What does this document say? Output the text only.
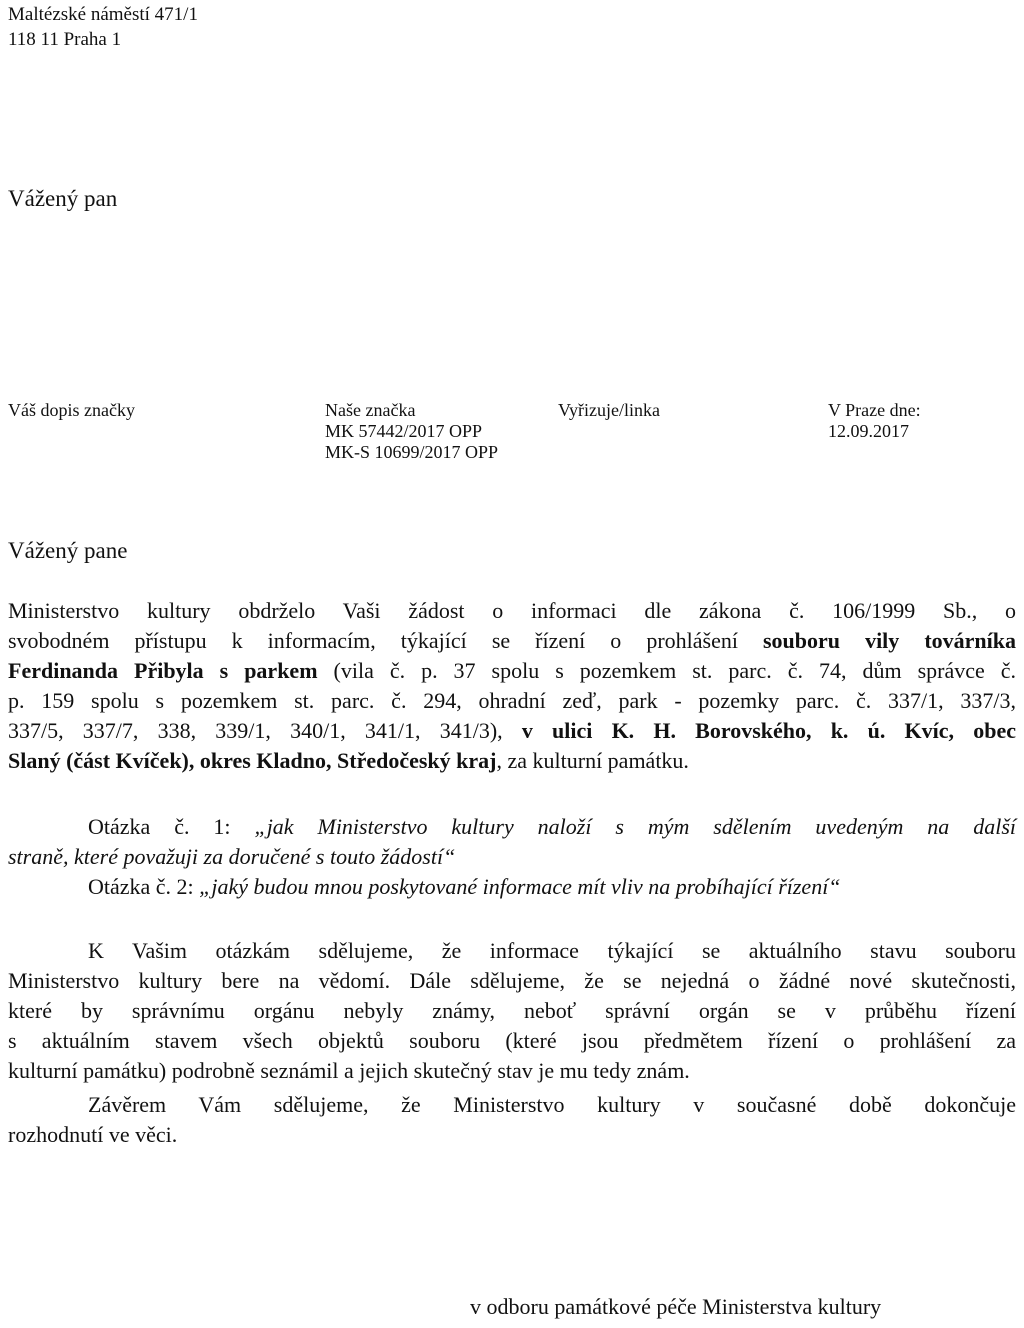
Maltézské náměstí 471/1
118 11 Praha 1
Vážený pan
Váš dopis značky	Naše značka
MK 57442/2017 OPP
MK-S 10699/2017 OPP
Vyřizuje/linka	V Praze dne:
12.09.2017
Vážený pane
Ministerstvo kultury obdrželo Vaši žádost o informaci dle zákona č. 106/1999 Sb., o
svobodném přístupu k informacím, týkající se řízení o prohlášení souboru vily továrníka
Ferdinanda Přibyla s parkem (vila č. p. 37 spolu s pozemkem st. parc. č. 74, dům správce č.
p. 159 spolu s pozemkem st. parc. č. 294, ohradní zeď, park - pozemky parc. č. 337/1, 337/3,
337/5, 337/7, 338, 339/1, 340/1, 341/1, 341/3), v ulici K. H. Borovského, k. ú. Kvíc, obec
Slaný (část Kvíček), okres Kladno, Středočeský kraj, za kulturní památku.
Otázka č. 1: „jak Ministerstvo kultury naloží s mým sdělením uvedeným na další
straně, které považuji za doručené s touto žádostí“
Otázka č. 2: „jaký budou mnou poskytované informace mít vliv na probíhající řízení“
K Vašim otázkám sdělujeme, že informace týkající se aktuálního stavu souboru
Ministerstvo kultury bere na vědomí. Dále sdělujeme, že se nejedná o žádné nové skutečnosti,
které by správnímu orgánu nebyly známy, neboť správní orgán se v průběhu řízení
s aktuálním stavem všech objektů souboru (které jsou předmětem řízení o prohlášení za
kulturní památku) podrobně seznámil a jejich skutečný stav je mu tedy znám.
Závěrem Vám sdělujeme, že Ministerstvo kultury v současné době dokončuje
rozhodnutí ve věci.
v odboru památkové péče Ministerstva kultury
